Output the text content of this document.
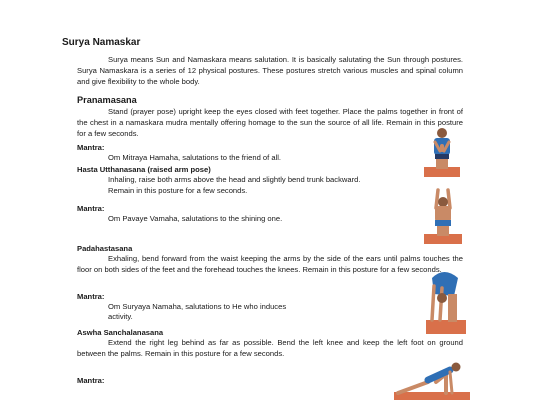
Surya Namaskar
Surya means Sun and Namaskara means salutation. It is basically salutating the Sun through postures. Surya Namaskara is a series of 12 physical postures. These postures stretch various muscles and spinal column and give flexibility to the whole body.
Pranamasana
Stand (prayer pose) upright keep the eyes closed with feet together. Place the palms together in front of the chest in a namaskara mudra mentally offering homage to the sun the source of all life. Remain in this posture for a few seconds.
Mantra:
Om Mitraya Hamaha, salutations to the friend of all.
Hasta Utthanasana (raised arm pose)
Inhaling, raise both arms above the head and slightly bend trunk backward.
Remain in this posture for a few seconds.
Mantra:
Om Pavaye Vamaha, salutations to the shining one.
Padahastasana
Exhaling, bend forward from the waist keeping the arms by the side of the ears until palms touches the floor on both sides of the feet and the forehead touches the knees. Remain in this posture for a few seconds.
Mantra:
Om Suryaya Namaha, salutations to He who induces
activity.
Aswha Sanchalanasana
Extend the right leg behind as far as possible. Bend the left knee and keep the left foot on ground between the palms. Remain in this posture for a few seconds.
Mantra:
